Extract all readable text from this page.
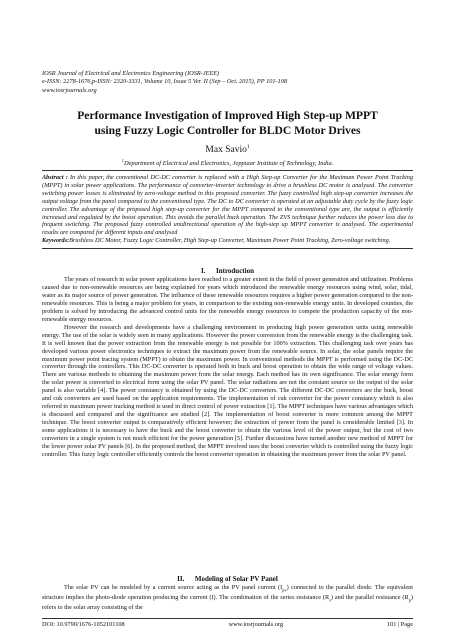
IOSR Journal of Electrical and Electronics Engineering (IOSR-JEEE)
e-ISSN: 2278-1676,p-ISSN: 2320-3331, Volume 10, Issue 5 Ver. II (Sep – Oct. 2015), PP 101-108
www.iosrjournals.org
Performance Investigation of Improved High Step-up MPPT
using Fuzzy Logic Controller for BLDC Motor Drives
Max Savio$^1$
$^1$Department of Electrical and Electronics, Jeppiaar Institute of Technology, India.

Abstract : In this paper, the conventional DC-DC converter is replaced with a High Step-up Converter for the Maximum Power Point Tracking (MPPT) in solar power applications. The performance of converter-inverter technology to drive a brushless DC motor is analysed. The converter switching power losses is eliminated by zero-voltage method in this proposed converter. The fuzzy controlled high step-up converter increases the output voltage from the panel compared to the conventional type. The DC to DC converter is operated at an adjustable duty cycle by the fuzzy logic controller. The advantage of the proposed high step-up converter for the MPPT compared to the conventional type are, the output is efficiently increased and regulated by the boost operation. This avoids the parallel buck operation. The ZVS technique further reduces the power loss due to frequent switching. The proposed fuzzy controlled unidirectional operation of the high-step up MPPT converter is analysed. The experimental results are compared for different inputs and analysed

Keywords:Brushless DC Motor, Fuzzy Logic Controller, High Step-up Converter, Maximum Power Point Tracking, Zero-voltage switching.

I.      Introduction

The years of research in solar power applications have reached to a greater extent in the field of power generation and utilization. Problems caused due to non-renewable resources are being explained for years which introduced the renewable energy resources using wind, solar, tidal, water as its major source of power generation. The influence of these renewable resources requires a higher power generation compared to the non-renewable resources. This is being a major problem for years, in comparison to the existing non-renewable energy units. In developed counties, the problem is solved by introducing the advanced control units for the renewable energy resources to compete the production capacity of the non-renewable energy resources.

However the research and developments have a challenging environment in producing high power generation units using renewable energy. The use of the solar is widely seen in many applications. However the power conversion from the renewable energy is the challenging task. It is well known that the power extraction from the renewable energy is not possible for 100% extraction. This challenging task over years has developed various power electronics techniques to extract the maximum power from the renewable source. In solar, the solar panels require the maximum power point tracing system (MPPT) to obtain the maximum power. In conventional methods the MPPT is performed using the DC-DC converter through the controllers. This DC-DC converter is operated both in buck and boost operation to obtain the wide range of voltage values. There are various methods to obtaining the maximum power from the solar energy. Each method has its own significance. The solar energy form the solar power is converted to electrical form using the solar PV panel. The solar radiations are not the constant source so the output of the solar panel is also variable [4]. The power constancy is obtained by using the DC-DC converters. The different DC-DC converters are the buck, boost and cuk converters are used based on the application requirements. The implementation of cuk converter for the power constancy which is also referred to maximum power tracking method is used in direct control of power extraction [1]. The MPPT techniques have various advantages which is discussed and compared and the significance are studied [2]. The implementation of boost converter is more common among the MPPT technique. The boost converter output is comparatively efficient however; the extraction of power from the panel is considerable limited [3]. In some applications it is necessary to have the buck and the boost converter to obtain the various level of the power output, but the cost of two converters in a single system is not much efficient for the power generation [5]. Further discussions have turned another new method of MPPT for the lower power solar PV panels [6]. In the proposed method, the MPPT involved uses the boost converter which is controlled using the fuzzy logic controller. This fuzzy logic controller efficiently controls the boost converter operation in obtaining the maximum power from the solar PV panel.

II.      Modeling of Solar PV Panel

The solar PV can be modeled by a current source acting as the PV panel current $(I_{pv})$ connected to the parallel diode. The equivalent structure implies the photo-diode operation producing the current (I). The combination of the series resistance $(R_s)$ and the parallel resistance $(R_p)$ refers to the solar array consisting of the

DOI: 10.9790/1676-1052101108	www.iosrjournals.org	101 | Page
